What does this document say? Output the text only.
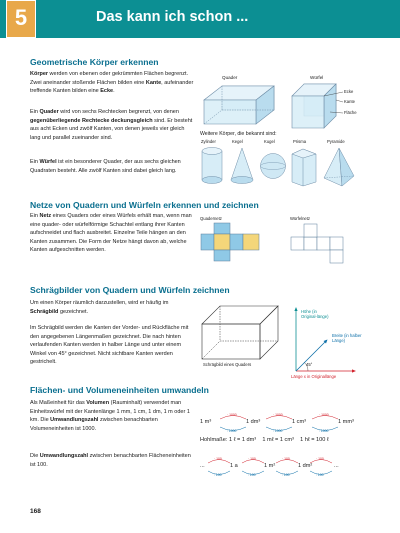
5	Das kann ich schon ...
Geometrische Körper erkennen
Körper werden von ebenen oder gekrümmten Flächen begrenzt. Zwei aneinander stoßende Flächen bilden eine Kante, aufeinander treffende Kanten bilden eine Ecke.
Ein Quader wird von sechs Rechtecken begrenzt, von denen gegenüberliegende Rechtecke deckungsgleich sind. Er besteht aus acht Ecken und zwölf Kanten, von denen jeweils vier gleich lang und parallel zueinander sind.
Ein Würfel ist ein besonderer Quader, der aus sechs gleichen Quadraten besteht. Alle zwölf Kanten sind dabei gleich lang.
Quader	Würfel
Ecke
Kante
Fläche
Weitere Körper, die bekannt sind:
Zylinder	Kegel	Kugel	Prisma	Pyramide
Netze von Quadern und Würfeln erkennen und zeichnen
Ein Netz eines Quaders oder eines Würfels erhält man, wenn man eine quader- oder würfelförmige Schachtel entlang ihrer Kanten aufschneidet und flach ausbreitet. Einzelne Teile hängen an den Kanten zusammen. Die Form der Netze hängt davon ab, welche Kanten aufgeschnitten werden.
Quadernetz	Würfelnetz
Schrägbilder von Quadern und Würfeln zeichnen
Um einen Körper räumlich darzustellen, wird er häufig im Schrägbild gezeichnet.
Im Schrägbild werden die Kanten der Vorder- und Rückfläche mit den angegebenen Längenmaßen gezeichnet. Die nach hinten verlaufenden Kanten werden in halber Länge und unter einem Winkel von 45° gezeichnet. Nicht sichtbare Kanten werden gestrichelt.	Schrägbild eines Quaders
Höhe (in Original-länge)
Breite (in halber Länge)
45°
Länge x in Originallänge
Flächen- und Volumeneinheiten umwandeln
Als Maßeinheit für das Volumen (Rauminhalt) verwendet man Einheitswürfel mit der Kantenlänge 1 mm, 1 cm, 1 dm, 1 m oder 1 km. Die Umwandlungszahl zwischen benachbarten Volumeneinheiten ist 1000.
Die Umwandlungszahl zwischen benachbarten Flächeneinheiten ist 100.
1 m³	1 dm³	1 cm³	1 mm³
· 1000	· 1000	· 1000
: 1000	: 1000	: 1000
Hohlmaße: 1 ℓ = 1 dm³    1 mℓ = 1 cm³    1 hℓ = 100 ℓ
...	1 a	1 m²	1 dm²	...
· 100	· 100	· 100	· 100
: 100	: 100	: 100	: 100
168
